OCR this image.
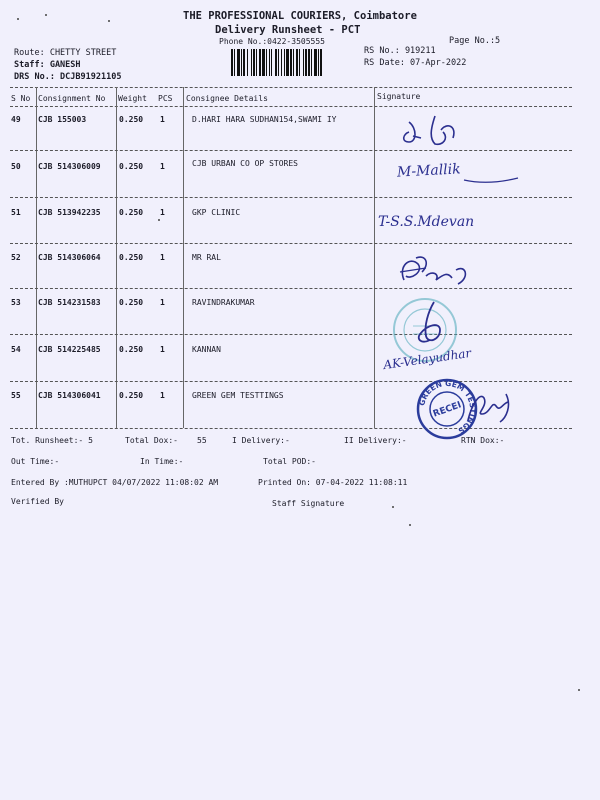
THE PROFESSIONAL COURIERS, Coimbatore
Delivery Runsheet - PCT
Phone No.:0422-3505555	Page No.:5
Route: CHETTY STREET
Staff: GANESH
DRS No.: DCJB91921105
RS No.: 919211
RS Date: 07-Apr-2022
S No Consignment No Weight PCS Consignee Details	Signature
49 CJB 155003	0.250 1	D.HARI HARA SUDHAN154,SWAMI IY
50 CJB 514306009 0.250 1	CJB URBAN CO OP STORES
51 CJB 513942235 0.250 1	GKP CLINIC
52 CJB 514306064 0.250 1	MR RAL
53 CJB 514231583 0.250 1	RAVINDRAKUMAR
54 CJB 514225485 0.250 1	KANNAN
55 CJB 514306041 0.250 1	GREEN GEM TESTTINGS
M-Mallik
T-S.S.Mdevan
AK-Velayudhar
GREEN GEM TESTINGS
RECEI
Tot. Runsheet:- 5	Total Dox:- 55	I Delivery:-	II Delivery:-	RTN Dox:-
Out Time:-	In Time:-	Total POD:-
Entered By :MUTHUPCT 04/07/2022 11:08:02 AM	Printed On: 07-04-2022 11:08:11
Verified By	Staff Signature
